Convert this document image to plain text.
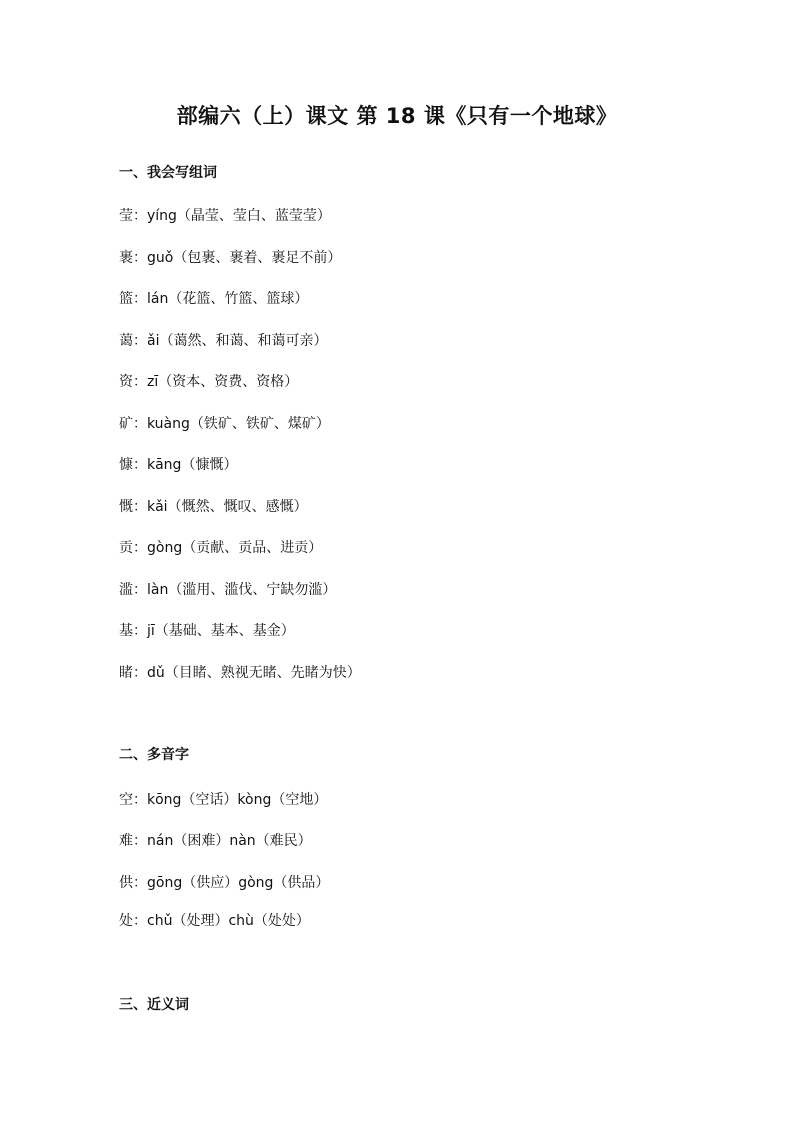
部编六（上）课文 第 18 课《只有一个地球》
一、我会写组词
莹：yíng（晶莹、莹白、蓝莹莹）
裹：guǒ（包裹、裹着、裹足不前）
篮：lán（花篮、竹篮、篮球）
蔼：ǎi（蔼然、和蔼、和蔼可亲）
资：zī（资本、资费、资格）
矿：kuàng（铁矿、铁矿、煤矿）
慷：kāng（慷慨）
慨：kǎi（慨然、慨叹、感慨）
贡：gòng（贡献、贡品、进贡）
滥：làn（滥用、滥伐、宁缺勿滥）
基：jī（基础、基本、基金）
睹：dǔ（目睹、熟视无睹、先睹为快）
二、多音字
空：kōng（空话）kòng（空地）
难：nán（困难）nàn（难民）
供：gōng（供应）gòng（供品）
处：chǔ（处理）chù（处处）
三、近义词
